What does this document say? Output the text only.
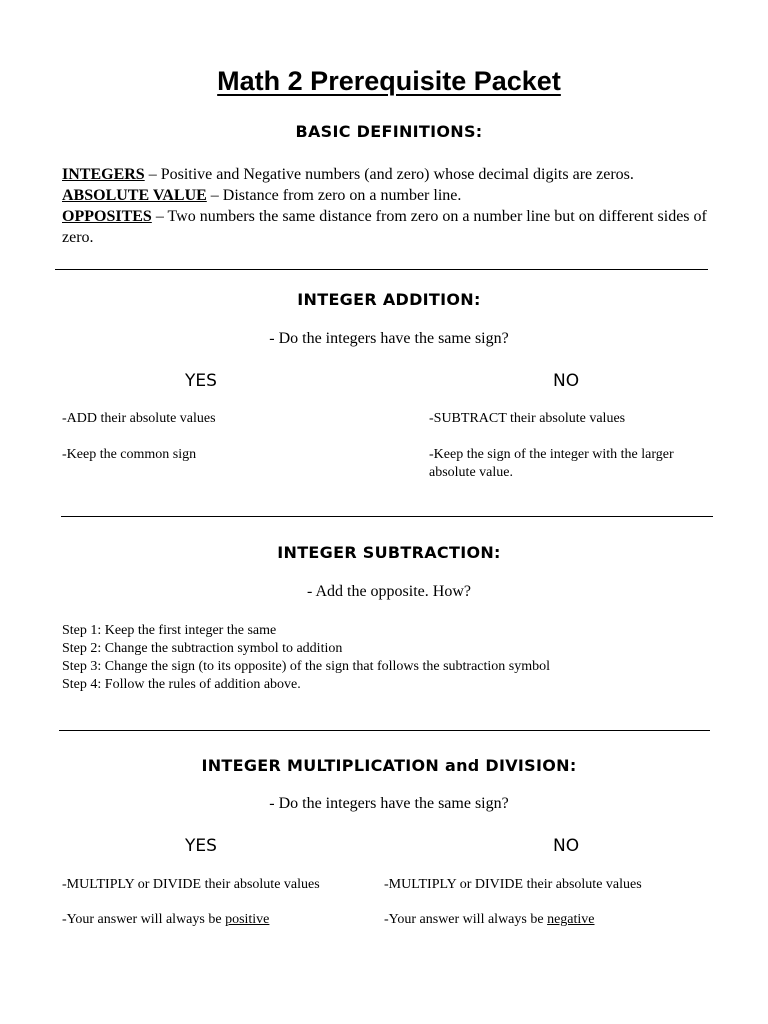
Math 2 Prerequisite Packet
BASIC DEFINITIONS:
INTEGERS – Positive and Negative numbers (and zero) whose decimal digits are zeros.
ABSOLUTE VALUE – Distance from zero on a number line.
OPPOSITES – Two numbers the same distance from zero on a number line but on different sides of zero.
INTEGER ADDITION:
- Do the integers have the same sign?
YES	NO
-ADD their absolute values
-Keep the common sign
-SUBTRACT their absolute values
-Keep the sign of the integer with the larger absolute value.
INTEGER SUBTRACTION:
- Add the opposite. How?
Step 1: Keep the first integer the same
Step 2: Change the subtraction symbol to addition
Step 3: Change the sign (to its opposite) of the sign that follows the subtraction symbol
Step 4: Follow the rules of addition above.
INTEGER MULTIPLICATION and DIVISION:
- Do the integers have the same sign?
YES	NO
-MULTIPLY or DIVIDE their absolute values
-Your answer will always be positive
-MULTIPLY or DIVIDE their absolute values
-Your answer will always be negative
